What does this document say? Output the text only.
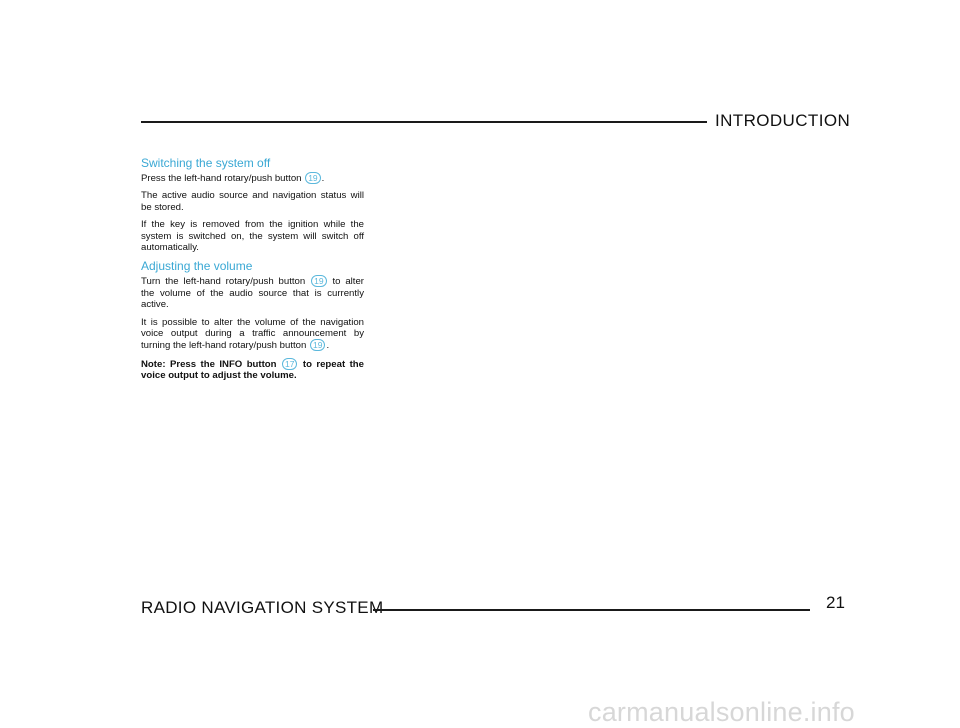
INTRODUCTION
Switching the system off

Press the left-hand rotary/push button 19 .

The active audio source and navigation status will be stored.

If the key is removed from the ignition while the system is switched on, the system will switch off automatically.

Adjusting the volume

Turn the left-hand rotary/push button 19 to alter the volume of the audio source that is currently active.

It is possible to alter the volume of the navigation voice output during a traffic announcement by turning the left-hand rotary/push button 19 .

Note: Press the INFO button 17 to repeat the voice output to adjust the volume.

RADIO NAVIGATION SYSTEM	21
carmanualsonline.info
